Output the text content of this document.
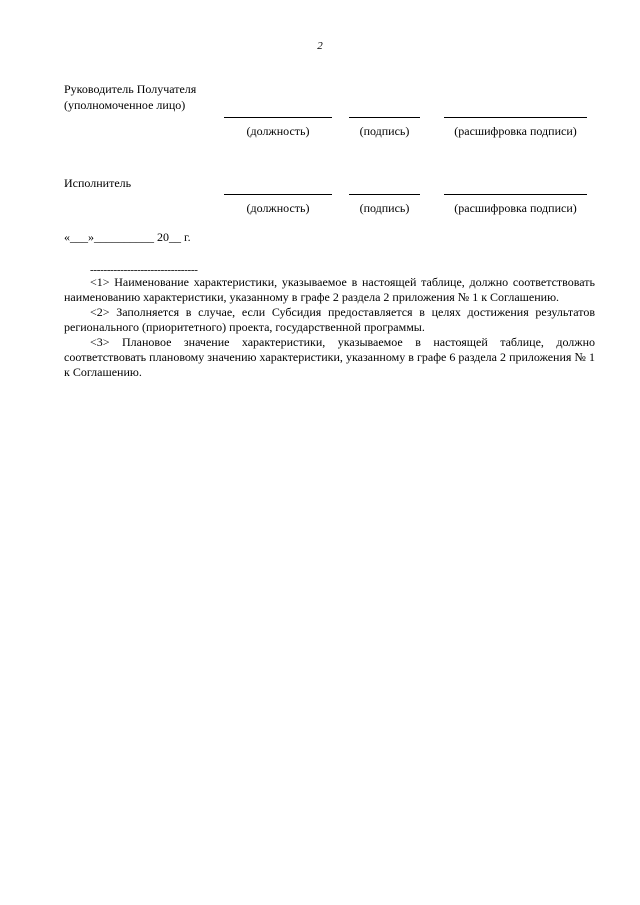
2
Руководитель Получателя
(уполномоченное лицо)
(должность)	(подпись)	(расшифровка подписи)
Исполнитель
(должность)	(подпись)	(расшифровка подписи)
«___»__________ 20__ г.
--------------------------------

<1> Наименование характеристики, указываемое в настоящей таблице, должно соответствовать наименованию характеристики, указанному в графе 2 раздела 2 приложения № 1 к Соглашению.

<2> Заполняется в случае, если Субсидия предоставляется в целях достижения результатов регионального (приоритетного) проекта, государственной программы.

<3> Плановое значение характеристики, указываемое в настоящей таблице, должно соответствовать плановому значению характеристики, указанному в графе 6 раздела 2 приложения № 1 к Соглашению.
